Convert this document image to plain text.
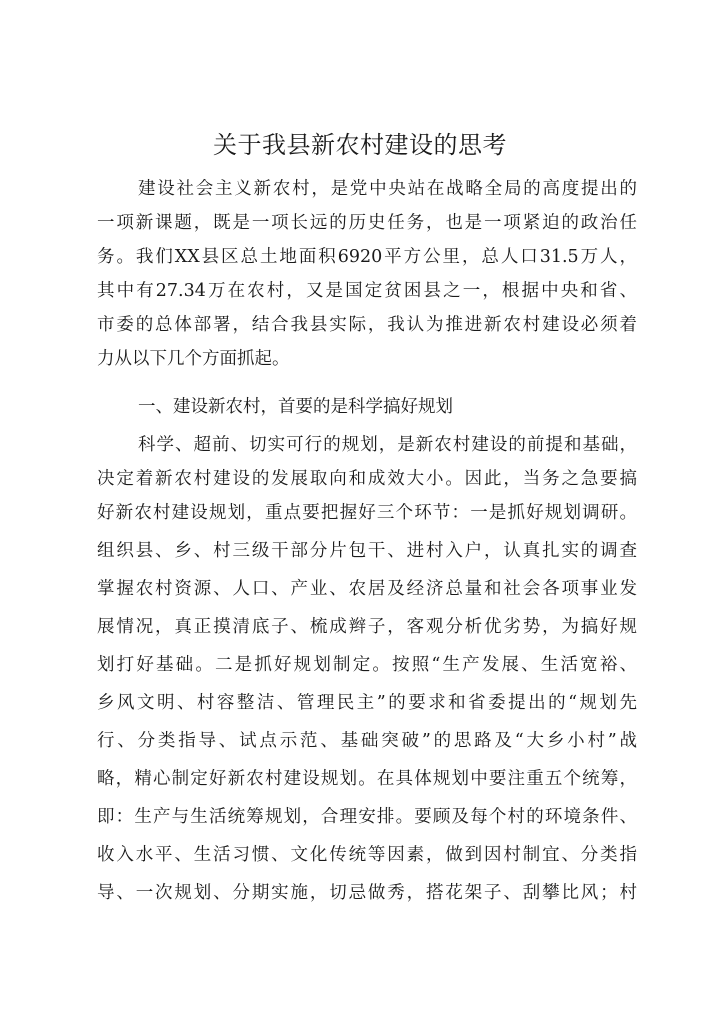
关于我县新农村建设的思考
建设社会主义新农村，是党中央站在战略全局的高度提出的
一项新课题，既是一项长远的历史任务，也是一项紧迫的政治任
务。我们XX县区总土地面积6920平方公里，总人口31.5万人，
其中有27.34万在农村，又是国定贫困县之一，根据中央和省、
市委的总体部署，结合我县实际，我认为推进新农村建设必须着
力从以下几个方面抓起。
一、建设新农村，首要的是科学搞好规划
科学、超前、切实可行的规划，是新农村建设的前提和基础，
决定着新农村建设的发展取向和成效大小。因此，当务之急要搞
好新农村建设规划，重点要把握好三个环节：一是抓好规划调研。
组织县、乡、村三级干部分片包干、进村入户，认真扎实的调查
掌握农村资源、人口、产业、农居及经济总量和社会各项事业发
展情况，真正摸清底子、梳成辫子，客观分析优劣势，为搞好规
划打好基础。二是抓好规划制定。按照“生产发展、生活宽裕、
乡风文明、村容整洁、管理民主”的要求和省委提出的“规划先
行、分类指导、试点示范、基础突破”的思路及“大乡小村”战
略，精心制定好新农村建设规划。在具体规划中要注重五个统筹，
即：生产与生活统筹规划，合理安排。要顾及每个村的环境条件、
收入水平、生活习惯、文化传统等因素，做到因村制宜、分类指
导、一次规划、分期实施，切忌做秀，搭花架子、刮攀比风；村
